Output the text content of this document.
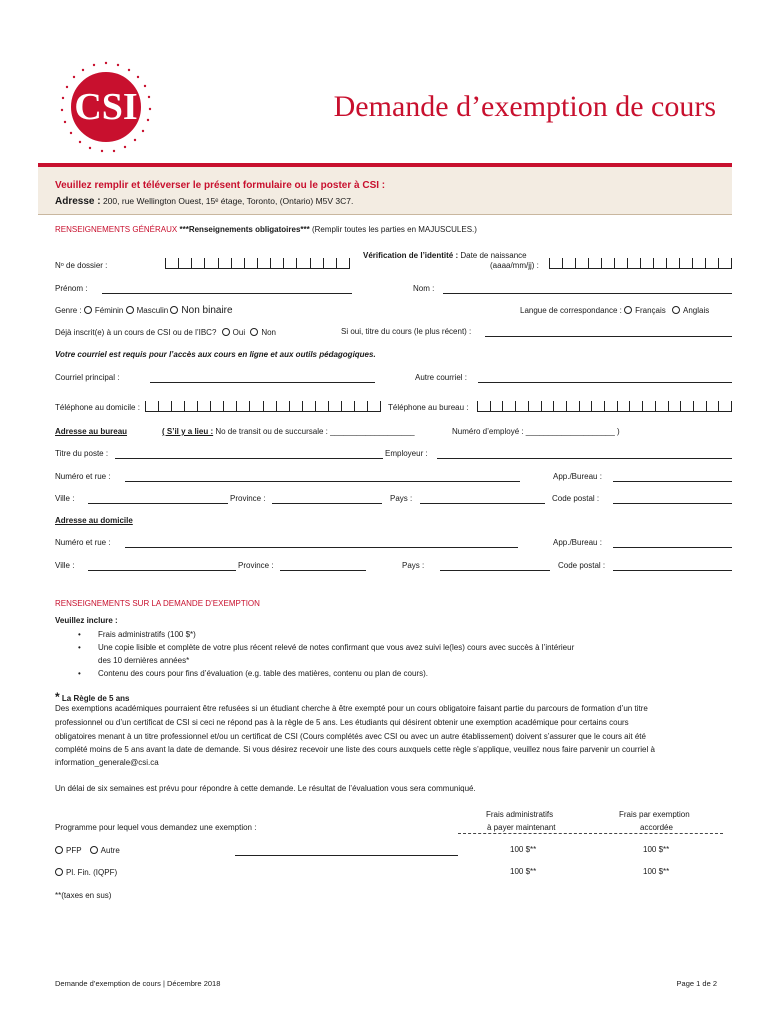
CSI	Demande d’exemption de cours
Veuillez remplir et téléverser le présent formulaire ou le poster à CSI :
Adresse : 200, rue Wellington Ouest, 15ᵉ étage, Toronto, (Ontario) M5V 3C7.
RENSEIGNEMENTS GÉNÉRAUX ***Renseignements obligatoires*** (Remplir toutes les parties en MAJUSCULES.)
Nᵒ de dossier :
Vérification de l’identité : Date de naissance
(aaaa/mm/jj) :
Prénom :	Nom :
Genre : Féminin Masculin Non binaire	Langue de correspondance : Français Anglais
Déjà inscrit(e) à un cours de CSI ou de l’IBC? Oui Non	Si oui, titre du cours (le plus récent) :
Votre courriel est requis pour l’accès aux cours en ligne et aux outils pédagogiques.
Courriel principal :	Autre courriel :
Téléphone au domicile :	Téléphone au bureau :
Adresse au bureau	( S’il y a lieu : No de transit ou de succursale : ___________________	Numéro d’employé : ____________________ )
Titre du poste :	Employeur :
Numéro et rue :	App./Bureau :
Ville :	Province :	Pays :	Code postal :
Adresse au domicile
Numéro et rue :	App./Bureau :
Ville :	Province :	Pays :	Code postal :
RENSEIGNEMENTS SUR LA DEMANDE D’EXEMPTION
Veuillez inclure :
• Frais administratifs (100 $*)
• Une copie lisible et complète de votre plus récent relevé de notes confirmant que vous avez suivi le(les) cours avec succès à l’intérieur
des 10 dernières années*
• Contenu des cours pour fins d’évaluation (e.g. table des matières, contenu ou plan de cours).
* La Règle de 5 ans
Des exemptions académiques pourraient être refusées si un étudiant cherche à être exempté pour un cours obligatoire faisant partie du parcours de formation d’un titre
professionnel ou d’un certificat de CSI si ceci ne répond pas à la règle de 5 ans. Les étudiants qui désirent obtenir une exemption académique pour certains cours
obligatoires menant à un titre professionnel et/ou un certificat de CSI (Cours complétés avec CSI ou avec un autre établissement) doivent s’assurer que le cours ait été
complété moins de 5 ans avant la date de demande. Si vous désirez recevoir une liste des cours auxquels cette règle s’applique, veuillez nous faire parvenir un courriel à
information_generale@csi.ca
Un délai de six semaines est prévu pour répondre à cette demande. Le résultat de l’évaluation vous sera communiqué.
Frais administratifs
à payer maintenant
Frais par exemption
accordée
Programme pour lequel vous demandez une exemption :
PFP Autre	100 $**	100 $**
Pl. Fin. (IQPF)	100 $**	100 $**
**(taxes en sus)
Demande d’exemption de cours | Décembre 2018	Page 1 de 2
